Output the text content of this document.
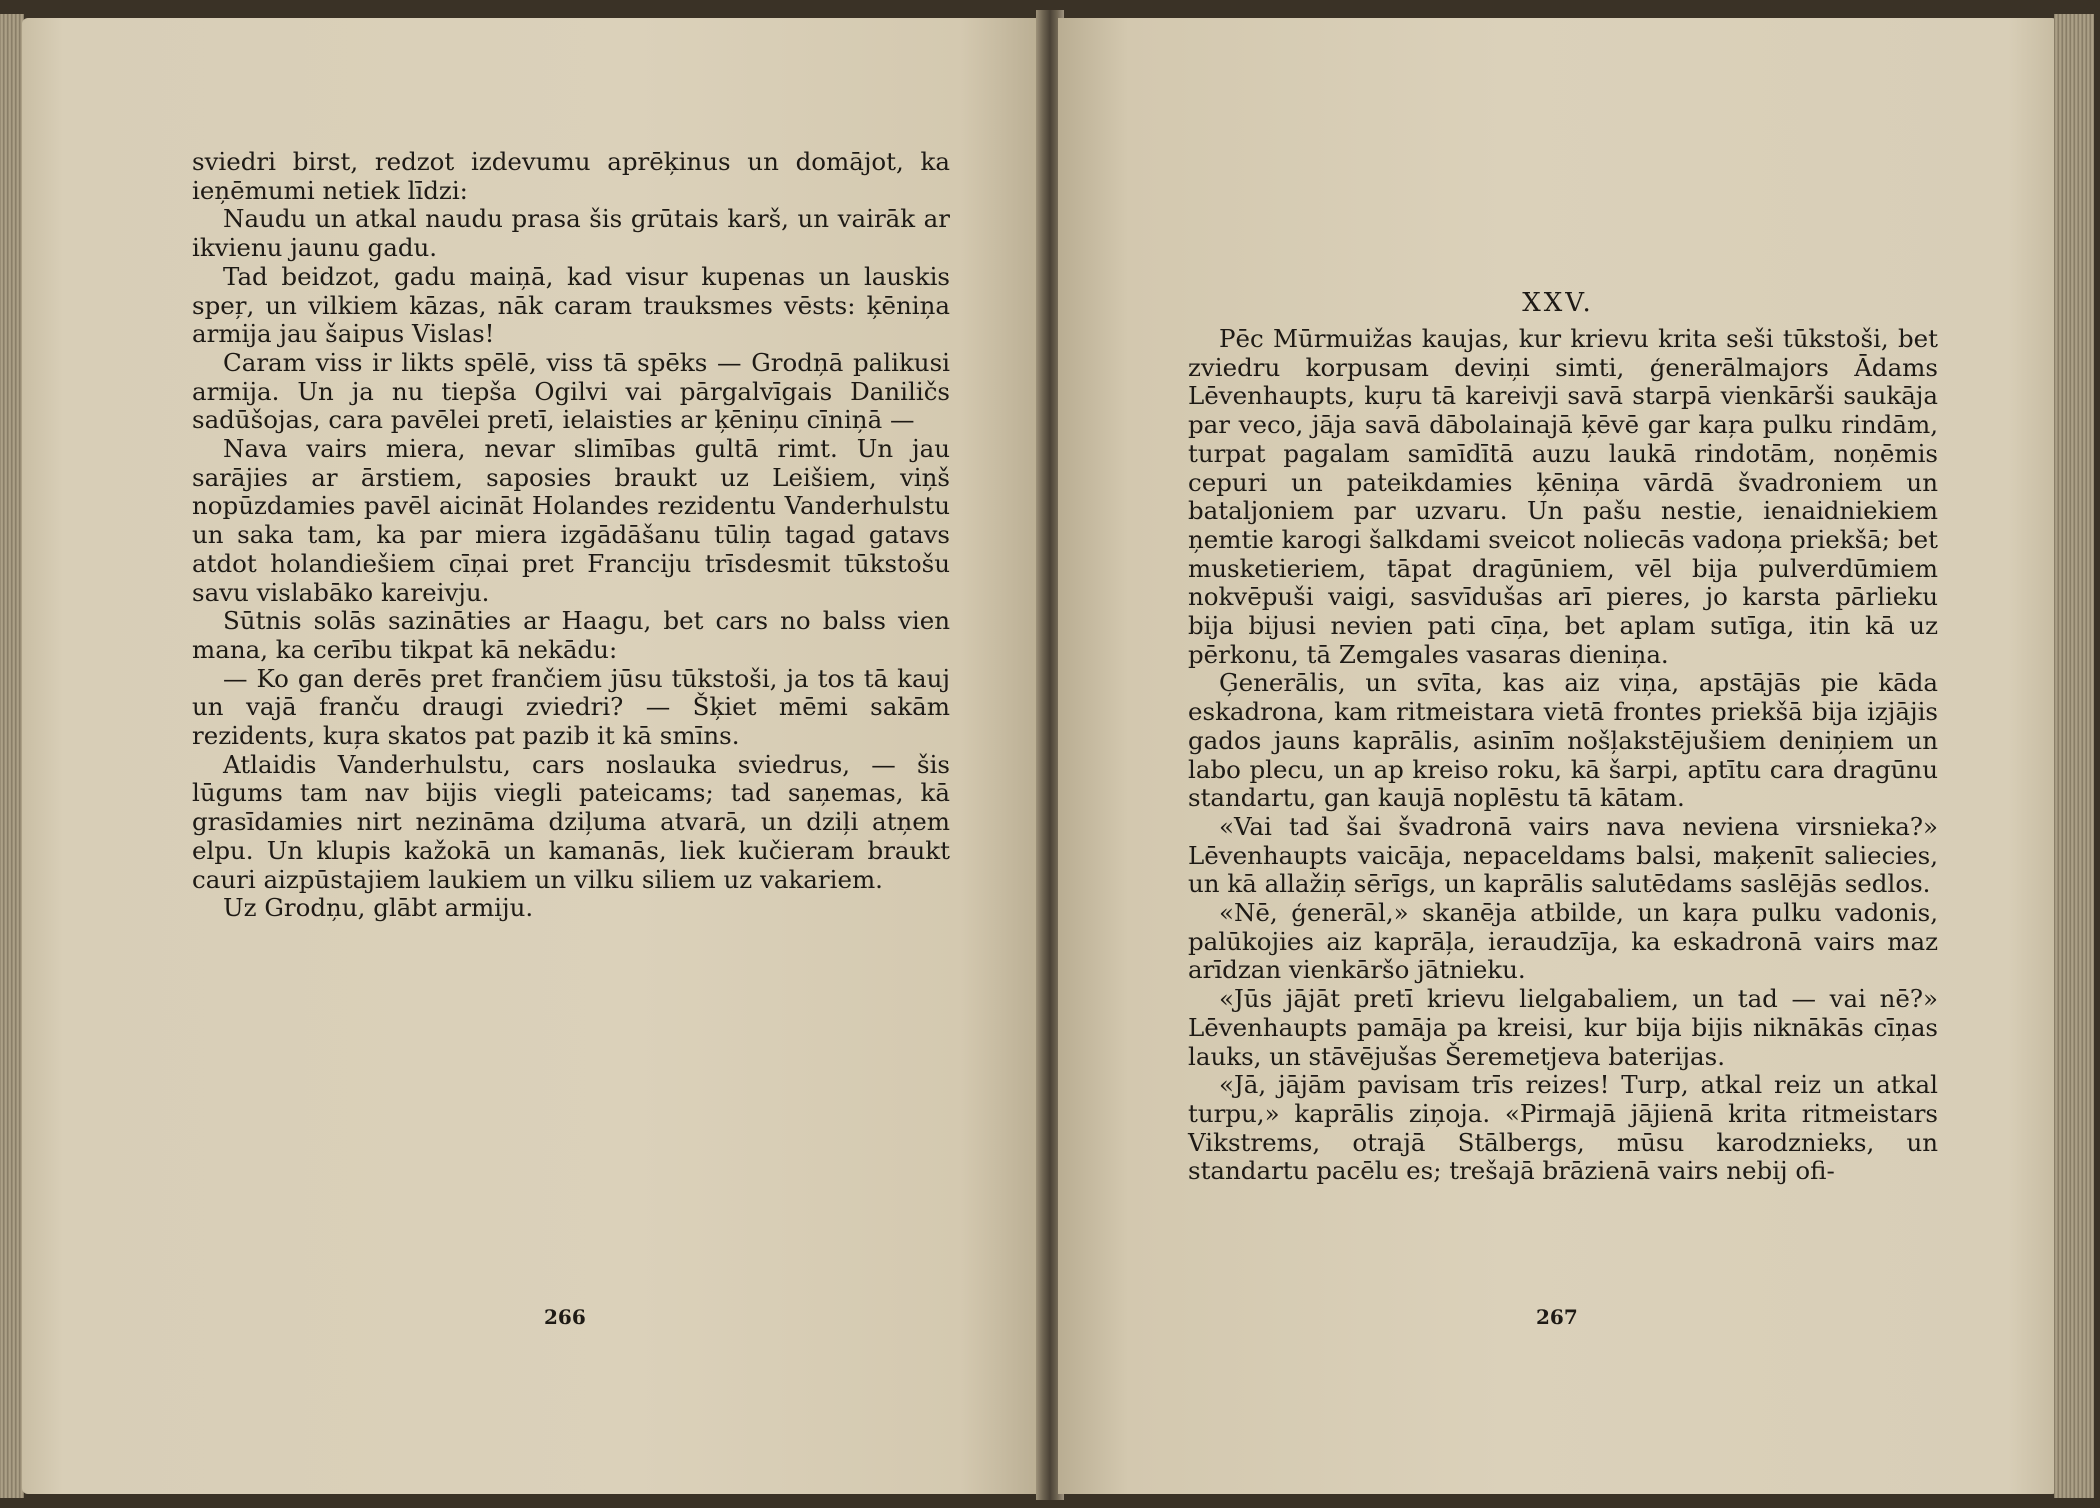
sviedri birst, redzot izdevumu aprēķinus un domājot, ka ieņēmumi netiek līdzi:

Naudu un atkal naudu prasa šis grūtais karš, un vairāk ar ikvienu jaunu gadu.

Tad beidzot, gadu maiņā, kad visur kupenas un lauskis speŗ, un vilkiem kāzas, nāk caram trauksmes vēsts: ķēniņa armija jau šaipus Vislas!

Caram viss ir likts spēlē, viss tā spēks — Grodņā palikusi armija. Un ja nu tiepša Ogilvi vai pārgalvīgais Daniličs sadūšojas, cara pavēlei pretī, ielaisties ar ķēniņu cīniņā —

Nava vairs miera, nevar slimības gultā rimt. Un jau sarājies ar ārstiem, saposies braukt uz Leišiem, viņš nopūzdamies pavēl aicināt Holandes rezidentu Vanderhulstu un saka tam, ka par miera izgādāšanu tūliņ tagad gatavs atdot holandiešiem cīņai pret Franciju trīsdesmit tūkstošu savu vislabāko kareivju.

Sūtnis solās sazināties ar Haagu, bet cars no balss vien mana, ka cerību tikpat kā nekādu:

— Ko gan derēs pret frančiem jūsu tūkstoši, ja tos tā kauj un vajā franču draugi zviedri? — Šķiet mēmi sakām rezidents, kuŗa skatos pat pazib it kā smīns.

Atlaidis Vanderhulstu, cars noslauka sviedrus, — šis lūgums tam nav bijis viegli pateicams; tad saņemas, kā grasīdamies nirt nezināma dziļuma atvarā, un dziļi atņem elpu. Un klupis kažokā un kamanās, liek kučieram braukt cauri aizpūstajiem laukiem un vilku siliem uz vakariem.

Uz Grodņu, glābt armiju.

266
XXV.

Pēc Mūrmuižas kaujas, kur krievu krita seši tūkstoši, bet zviedru korpusam deviņi simti, ģenerālmajors Ādams Lēvenhaupts, kuŗu tā kareivji savā starpā vienkārši saukāja par veco, jāja savā dābolainajā ķēvē gar kaŗa pulku rindām, turpat pagalam samīdītā auzu laukā rindotām, noņēmis cepuri un pateikdamies ķēniņa vārdā švadroniem un bataljoniem par uzvaru. Un pašu nestie, ienaidniekiem ņemtie karogi šalkdami sveicot noliecās vadoņa priekšā; bet musketieriem, tāpat dragūniem, vēl bija pulverdūmiem nokvēpuši vaigi, sasvīdušas arī pieres, jo karsta pārlieku bija bijusi nevien pati cīņa, bet aplam sutīga, itin kā uz pērkonu, tā Zemgales vasaras dieniņa.

Ģenerālis, un svīta, kas aiz viņa, apstājās pie kāda eskadrona, kam ritmeistara vietā frontes priekšā bija izjājis gados jauns kaprālis, asinīm nošļakstējušiem deniņiem un labo plecu, un ap kreiso roku, kā šarpi, aptītu cara dragūnu standartu, gan kaujā noplēstu tā kātam.

«Vai tad šai švadronā vairs nava neviena virsnieka?» Lēvenhaupts vaicāja, nepaceldams balsi, maķenīt saliecies, un kā allažiņ sērīgs, un kaprālis salutēdams saslējās sedlos.

«Nē, ģenerāl,» skanēja atbilde, un kaŗa pulku vadonis, palūkojies aiz kaprāļa, ieraudzīja, ka eskadronā vairs maz arīdzan vienkāršo jātnieku.

«Jūs jājāt pretī krievu lielgabaliem, un tad — vai nē?» Lēvenhaupts pamāja pa kreisi, kur bija bijis niknākās cīņas lauks, un stāvējušas Šeremetjeva baterijas.

«Jā, jājām pavisam trīs reizes! Turp, atkal reiz un atkal turpu,» kaprālis ziņoja. «Pirmajā jājienā krita ritmeistars Vikstrems, otrajā Stālbergs, mūsu karodznieks, un standartu pacēlu es; trešajā brāzienā vairs nebij ofi-

267
